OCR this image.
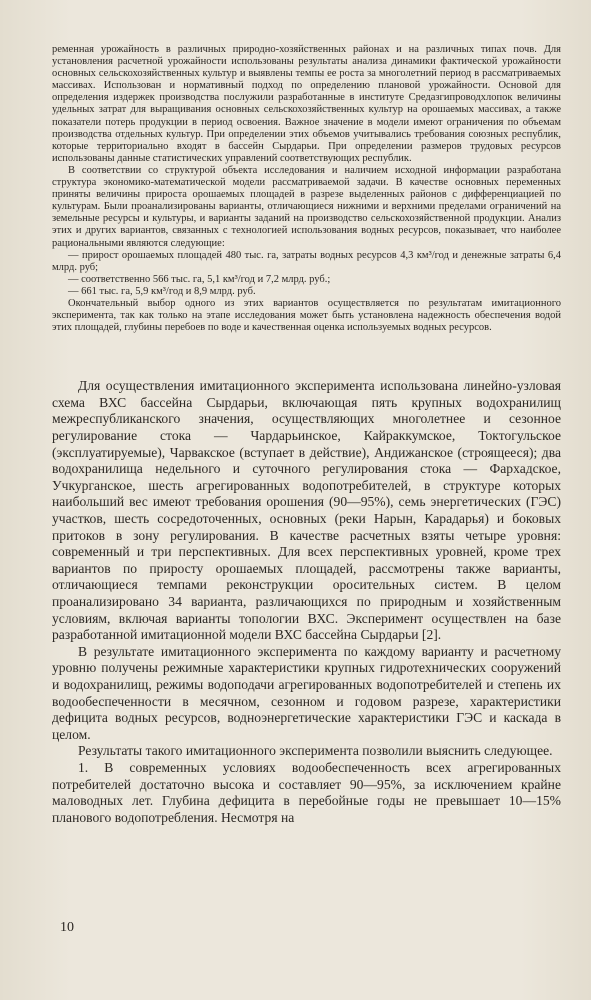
ременная урожайность в различных природно-хозяйственных районах и на различных типах почв. Для установления расчетной урожайности использованы результаты анализа динамики фактической урожайности основных сельскохозяйственных культур и выявлены темпы ее роста за многолетний период в рассматриваемых массивах. Использован и нормативный подход по определению плановой урожайности. Основой для определения издержек производства послужили разработанные в институте Средазгипроводхлопок величины удельных затрат для выращивания основных сельскохозяйственных культур на орошаемых массивах, а также показатели потерь продукции в период освоения. Важное значение в модели имеют ограничения по объемам производства отдельных культур. При определении этих объемов учитывались требования союзных республик, которые территориально входят в бассейн Сырдарьи. При определении размеров трудовых ресурсов использованы данные статистических управлений соответствующих республик.

В соответствии со структурой объекта исследования и наличием исходной информации разработана структура экономико-математической модели рассматриваемой задачи. В качестве основных переменных приняты величины прироста орошаемых площадей в разрезе выделенных районов с дифференциацией по культурам. Были проанализированы варианты, отличающиеся нижними и верхними пределами ограничений на земельные ресурсы и культуры, и варианты заданий на производство сельскохозяйственной продукции. Анализ этих и других вариантов, связанных с технологией использования водных ресурсов, показывает, что наиболее рациональными являются следующие:

— прирост орошаемых площадей 480 тыс. га, затраты водных ресурсов 4,3 км³/год и денежные затраты 6,4 млрд. руб;

— соответственно 566 тыс. га, 5,1 км³/год и 7,2 млрд. руб.;

— 661 тыс. га, 5,9 км³/год и 8,9 млрд. руб.

Окончательный выбор одного из этих вариантов осуществляется по результатам имитационного эксперимента, так как только на этапе исследования может быть установлена надежность обеспечения водой этих площадей, глубины перебоев по воде и качественная оценка используемых водных ресурсов.

Для осуществления имитационного эксперимента использована линейно-узловая схема ВХС бассейна Сырдарьи, включающая пять крупных водохранилищ межреспубликанского значения, осуществляющих многолетнее и сезонное регулирование стока — Чардарьинское, Кайраккумское, Токтогульское (эксплуатируемые), Чарвакское (вступает в действие), Андижанское (строящееся); два водохранилища недельного и суточного регулирования стока — Фархадское, Учкурганское, шесть агрегированных водопотребителей, в структуре которых наибольший вес имеют требования орошения (90—95%), семь энергетических (ГЭС) участков, шесть сосредоточенных, основных (реки Нарын, Карадарья) и боковых притоков в зону регулирования. В качестве расчетных взяты четыре уровня: современный и три перспективных. Для всех перспективных уровней, кроме трех вариантов по приросту орошаемых площадей, рассмотрены также варианты, отличающиеся темпами реконструкции оросительных систем. В целом проанализировано 34 варианта, различающихся по природным и хозяйственным условиям, включая варианты топологии ВХС. Эксперимент осуществлен на базе разработанной имитационной модели ВХС бассейна Сырдарьи [2].

В результате имитационного эксперимента по каждому варианту и расчетному уровню получены режимные характеристики крупных гидротехнических сооружений и водохранилищ, режимы водоподачи агрегированных водопотребителей и степень их водообеспеченности в месячном, сезонном и годовом разрезе, характеристики дефицита водных ресурсов, водноэнергетические характеристики ГЭС и каскада в целом.

Результаты такого имитационного эксперимента позволили выяснить следующее.

1. В современных условиях водообеспеченность всех агрегированных потребителей достаточно высока и составляет 90—95%, за исключением крайне маловодных лет. Глубина дефицита в перебойные годы не превышает 10—15% планового водопотребления. Несмотря на

10
